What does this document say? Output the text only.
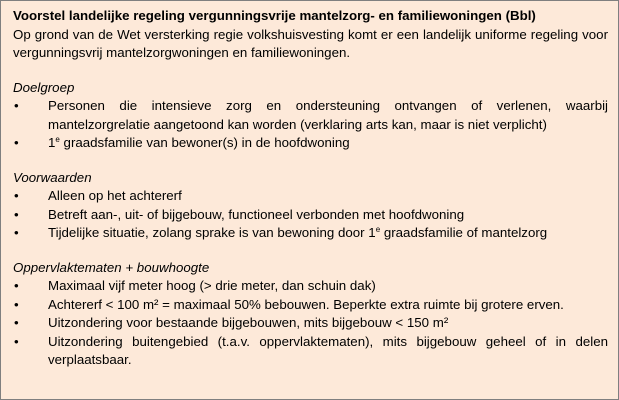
Voorstel landelijke regeling vergunningsvrije mantelzorg- en familiewoningen (Bbl)
Op grond van de Wet versterking regie volkshuisvesting komt er een landelijk uniforme regeling voor vergunningsvrij mantelzorgwoningen en familiewoningen.
Doelgroep
• Personen die intensieve zorg en ondersteuning ontvangen of verlenen, waarbij mantelzorgrelatie aangetoond kan worden (verklaring arts kan, maar is niet verplicht)
• 1e graadsfamilie van bewoner(s) in de hoofdwoning
Voorwaarden
• Alleen op het achtererf
• Betreft aan-, uit- of bijgebouw, functioneel verbonden met hoofdwoning
• Tijdelijke situatie, zolang sprake is van bewoning door 1e graadsfamilie of mantelzorg
Oppervlaktematen + bouwhoogte
• Maximaal vijf meter hoog (> drie meter, dan schuin dak)
• Achtererf < 100 m² = maximaal 50% bebouwen. Beperkte extra ruimte bij grotere erven.
• Uitzondering voor bestaande bijgebouwen, mits bijgebouw < 150 m²
• Uitzondering buitengebied (t.a.v. oppervlaktematen), mits bijgebouw geheel of in delen verplaatsbaar.
